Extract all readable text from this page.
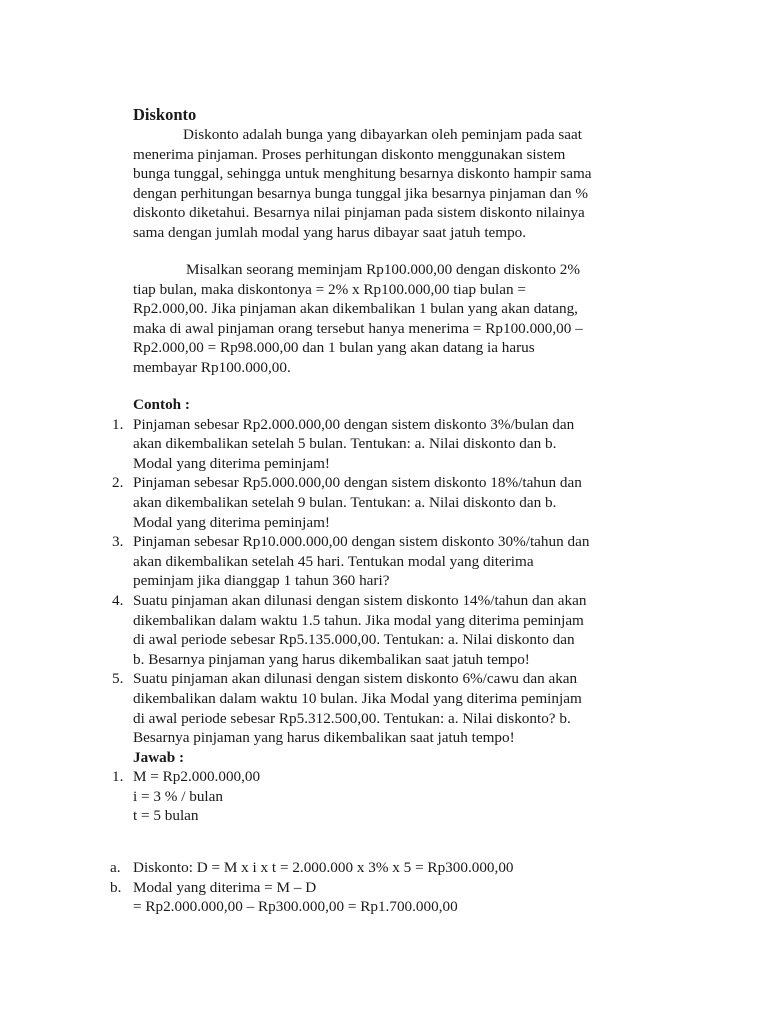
Diskonto
Diskonto adalah bunga yang dibayarkan oleh peminjam pada saat
menerima pinjaman. Proses perhitungan diskonto menggunakan sistem
bunga tunggal, sehingga untuk menghitung besarnya diskonto hampir sama
dengan perhitungan besarnya bunga tunggal jika besarnya pinjaman dan %
diskonto diketahui. Besarnya nilai pinjaman pada sistem diskonto nilainya
sama dengan jumlah modal yang harus dibayar saat jatuh tempo.
Misalkan seorang meminjam Rp100.000,00 dengan diskonto 2%
tiap bulan, maka diskontonya = 2% x Rp100.000,00 tiap bulan =
Rp2.000,00. Jika pinjaman akan dikembalikan 1 bulan yang akan datang,
maka di awal pinjaman orang tersebut hanya menerima = Rp100.000,00 –
Rp2.000,00 = Rp98.000,00 dan 1 bulan yang akan datang ia harus
membayar Rp100.000,00.
Contoh :
1. Pinjaman sebesar Rp2.000.000,00 dengan sistem diskonto 3%/bulan dan
akan dikembalikan setelah 5 bulan. Tentukan: a. Nilai diskonto dan b.
Modal yang diterima peminjam!
2. Pinjaman sebesar Rp5.000.000,00 dengan sistem diskonto 18%/tahun dan
akan dikembalikan setelah 9 bulan. Tentukan: a. Nilai diskonto dan b.
Modal yang diterima peminjam!
3. Pinjaman sebesar Rp10.000.000,00 dengan sistem diskonto 30%/tahun dan
akan dikembalikan setelah 45 hari. Tentukan modal yang diterima
peminjam jika dianggap 1 tahun 360 hari?
4. Suatu pinjaman akan dilunasi dengan sistem diskonto 14%/tahun dan akan
dikembalikan dalam waktu 1.5 tahun. Jika modal yang diterima peminjam
di awal periode sebesar Rp5.135.000,00. Tentukan: a. Nilai diskonto dan
b. Besarnya pinjaman yang harus dikembalikan saat jatuh tempo!
5. Suatu pinjaman akan dilunasi dengan sistem diskonto 6%/cawu dan akan
dikembalikan dalam waktu 10 bulan. Jika Modal yang diterima peminjam
di awal periode sebesar Rp5.312.500,00. Tentukan: a. Nilai diskonto? b.
Besarnya pinjaman yang harus dikembalikan saat jatuh tempo!
Jawab :
1. M = Rp2.000.000,00
i = 3 % / bulan
t = 5 bulan
a. Diskonto: D = M x i x t = 2.000.000 x 3% x 5 = Rp300.000,00
b. Modal yang diterima = M – D
= Rp2.000.000,00 – Rp300.000,00 = Rp1.700.000,00
